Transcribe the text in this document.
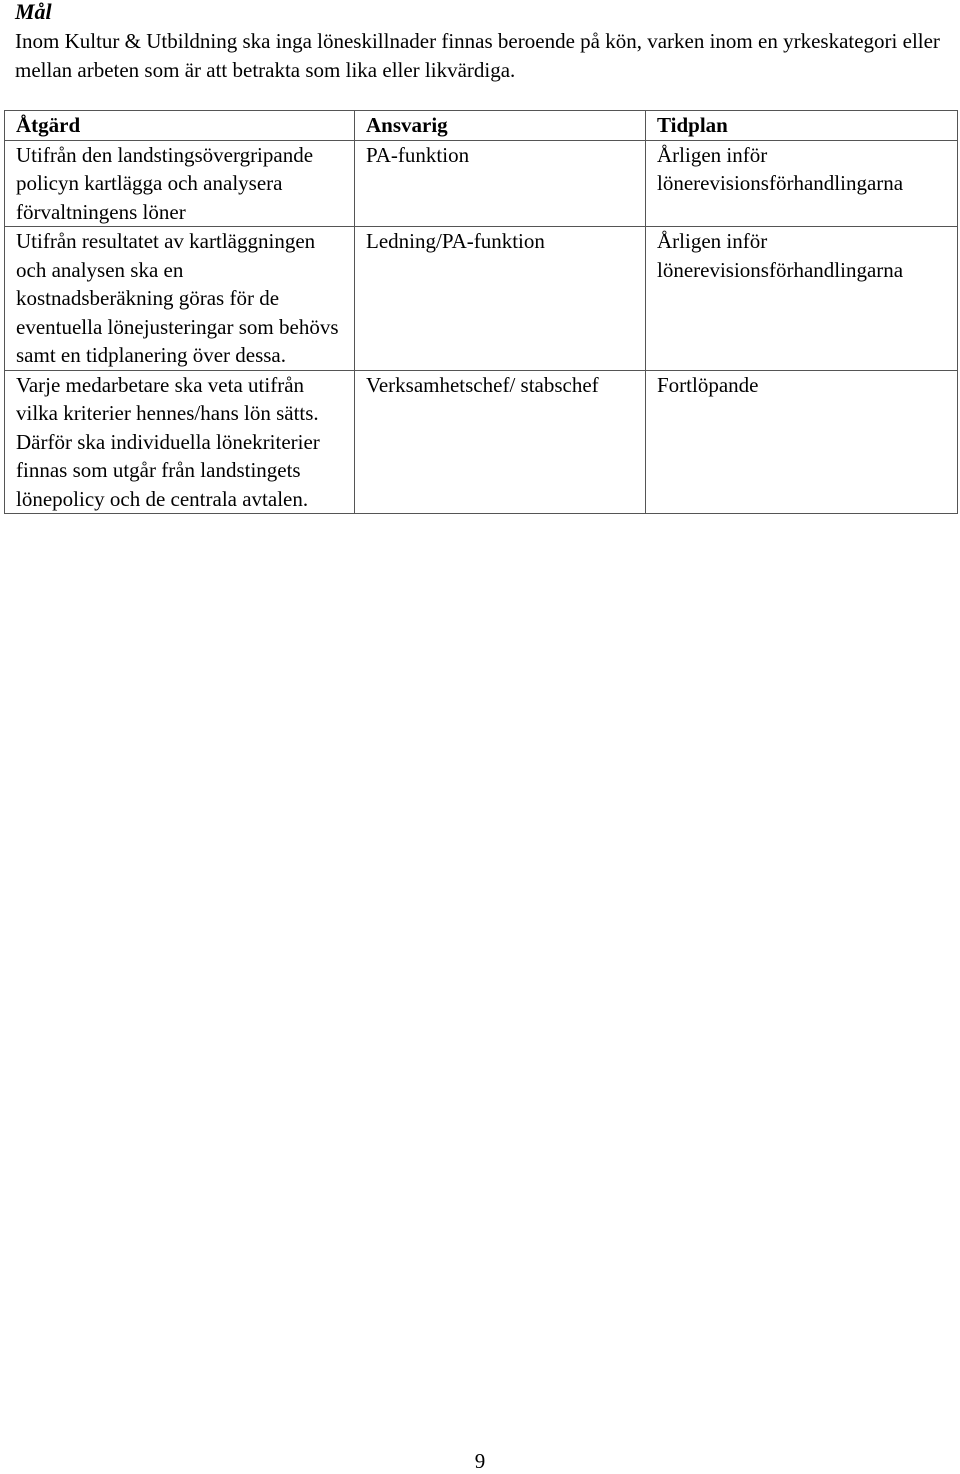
Mål

Inom Kultur & Utbildning ska inga löneskillnader finnas beroende på kön, varken inom en yrkeskategori eller mellan arbeten som är att betrakta som lika eller likvärdiga.

Åtgärd	Ansvarig	Tidplan
Utifrån den landstingsövergripande policyn kartlägga och analysera förvaltningens löner	PA-funktion	Årligen inför lönerevisionsförhandlingarna
Utifrån resultatet av kartläggningen och analysen ska en kostnadsberäkning göras för de eventuella lönejusteringar som behövs samt en tidplanering över dessa.	Ledning/PA-funktion	Årligen inför lönerevisionsförhandlingarna
Varje medarbetare ska veta utifrån vilka kriterier hennes/hans lön sätts. Därför ska individuella lönekriterier finnas som utgår från landstingets lönepolicy och de centrala avtalen.	Verksamhetschef/ stabschef	Fortlöpande
9
